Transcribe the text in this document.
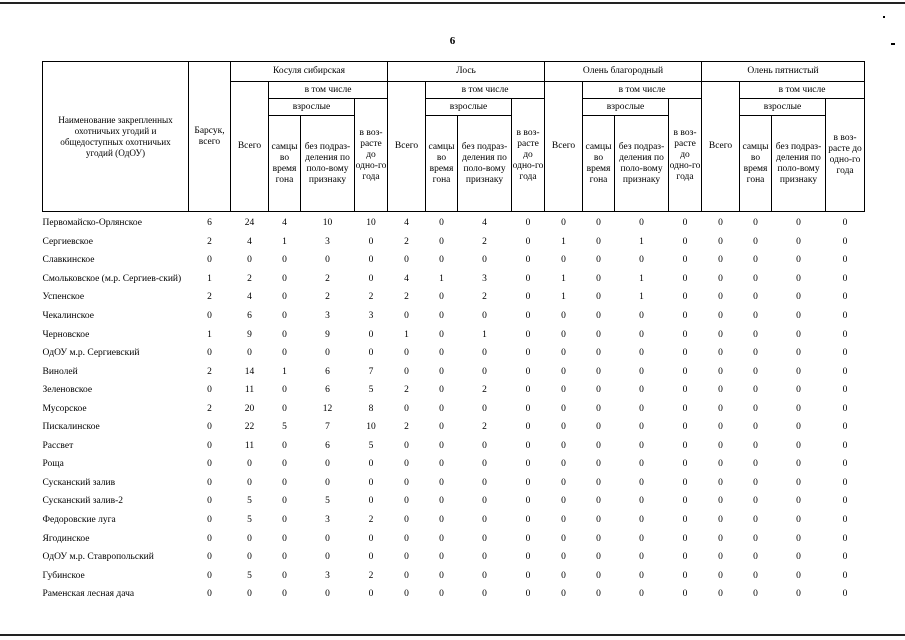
6
Наименование закрепленных охотничьих угодий и общедоступных охотничьих угодий (ОдОУ)	Барсук, всего	Косуля сибирская				Лось				Олень благородный				Олень пятнистый			
		Всего	в том числе			Всего	в том числе			Всего	в том числе			Всего	в том числе		
			взрослые		в воз-расте до одно-го года		взрослые		в воз-расте до одно-го года		взрослые		в воз-расте до одно-го года		взрослые		в воз-расте до одно-го года
			самцы во время гона	без подраз-деления по поло-вому признаку			самцы во время гона	без подраз-деления по поло-вому признаку			самцы во время гона	без подраз-деления по поло-вому признаку			самцы во время гона	без подраз-деления по поло-вому признаку	
Первомайско-Орлянское	6	24	4	10	10	4	0	4	0	0	0	0	0	0	0	0	0
Сергиевское	2	4	1	3	0	2	0	2	0	1	0	1	0	0	0	0	0
Славкинское	0	0	0	0	0	0	0	0	0	0	0	0	0	0	0	0	0
Смольковское (м.р. Сергиев-ский)	1	2	0	2	0	4	1	3	0	1	0	1	0	0	0	0	0
Успенское	2	4	0	2	2	2	0	2	0	1	0	1	0	0	0	0	0
Чекалинское	0	6	0	3	3	0	0	0	0	0	0	0	0	0	0	0	0
Черновское	1	9	0	9	0	1	0	1	0	0	0	0	0	0	0	0	0
ОдОУ м.р. Сергиевский	0	0	0	0	0	0	0	0	0	0	0	0	0	0	0	0	0
Винолей	2	14	1	6	7	0	0	0	0	0	0	0	0	0	0	0	0
Зеленовское	0	11	0	6	5	2	0	2	0	0	0	0	0	0	0	0	0
Мусорское	2	20	0	12	8	0	0	0	0	0	0	0	0	0	0	0	0
Пискалинское	0	22	5	7	10	2	0	2	0	0	0	0	0	0	0	0	0
Рассвет	0	11	0	6	5	0	0	0	0	0	0	0	0	0	0	0	0
Роща	0	0	0	0	0	0	0	0	0	0	0	0	0	0	0	0	0
Сусканский залив	0	0	0	0	0	0	0	0	0	0	0	0	0	0	0	0	0
Сусканский залив-2	0	5	0	5	0	0	0	0	0	0	0	0	0	0	0	0	0
Федоровские луга	0	5	0	3	2	0	0	0	0	0	0	0	0	0	0	0	0
Ягодинское	0	0	0	0	0	0	0	0	0	0	0	0	0	0	0	0	0
ОдОУ м.р. Ставропольский	0	0	0	0	0	0	0	0	0	0	0	0	0	0	0	0	0
Губинское	0	5	0	3	2	0	0	0	0	0	0	0	0	0	0	0	0
Раменская лесная дача	0	0	0	0	0	0	0	0	0	0	0	0	0	0	0	0	0
